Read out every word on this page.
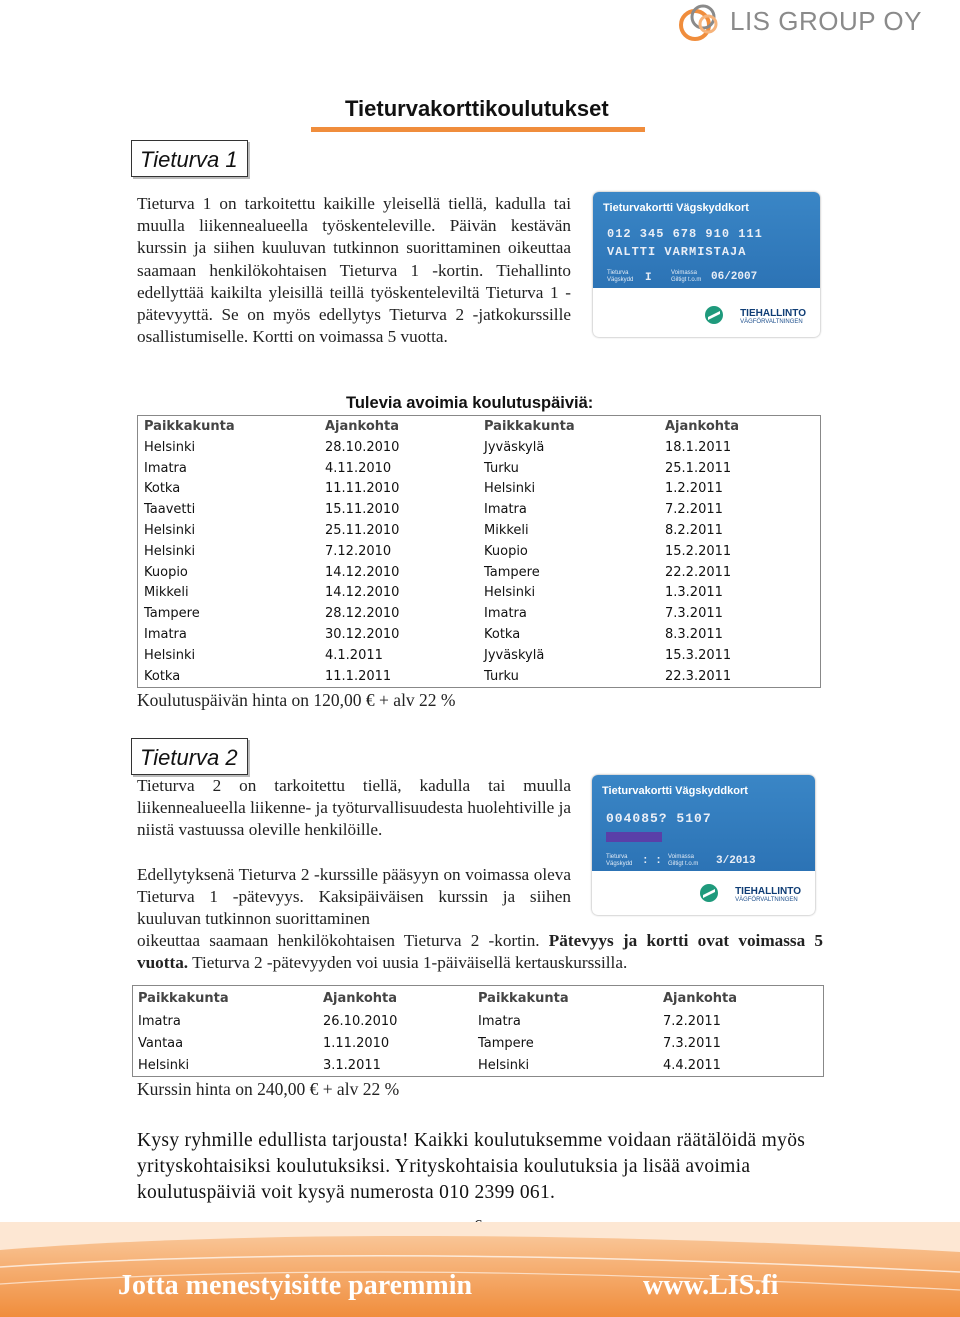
LIS GROUP OY
Tieturvakorttikoulutukset
Tieturva 1
Tieturva 1 on tarkoitettu kaikille yleisellä tiellä, kadulla tai muulla liikennealueella työskenteleville. Päivän kestävän kurssin ja siihen kuuluvan tutkinnon suorittaminen oikeuttaa saamaan henkilökohtaisen Tieturva 1 -kortin. Tiehallinto edellyttää kaikilta yleisillä teillä työskenteleviltä Tieturva 1 -pätevyyttä. Se on myös edellytys Tieturva 2 -jatkokurssille osallistumiselle. Kortti on voimassa 5 vuotta.
Tieturvakortti Vägskyddkort
012 345 678 910 111
VALTTI VARMISTAJA
Tieturva
Vägskydd I	Voimassa
Giltigt t.o.m 06/2007
TIEHALLINTO
VÄGFÖRVALTNINGEN
Tulevia avoimia koulutuspäiviä:
Paikkakunta	Ajankohta	Paikkakunta	Ajankohta
Helsinki	28.10.2010	Jyväskylä	18.1.2011
Imatra	4.11.2010	Turku	25.1.2011
Kotka	11.11.2010	Helsinki	1.2.2011
Taavetti	15.11.2010	Imatra	7.2.2011
Helsinki	25.11.2010	Mikkeli	8.2.2011
Helsinki	7.12.2010	Kuopio	15.2.2011
Kuopio	14.12.2010	Tampere	22.2.2011
Mikkeli	14.12.2010	Helsinki	1.3.2011
Tampere	28.12.2010	Imatra	7.3.2011
Imatra	30.12.2010	Kotka	8.3.2011
Helsinki	4.1.2011	Jyväskylä	15.3.2011
Kotka	11.1.2011	Turku	22.3.2011
Koulutuspäivän hinta on 120,00 € + alv 22 %
Tieturva 2
Tieturva 2 on tarkoitettu tiellä, kadulla tai muulla liikennealueella liikenne- ja työturvallisuudesta huolehtiville ja niistä vastuussa oleville henkilöille.
Edellytyksenä Tieturva 2 -kurssille pääsyyn on voimassa oleva Tieturva 1 -pätevyys. Kaksipäiväisen kurssin ja siihen kuuluvan tutkinnon suorittaminen
oikeuttaa saamaan henkilökohtaisen Tieturva 2 -kortin. Pätevyys ja kortti ovat voimassa 5 vuotta. Tieturva 2 -pätevyyden voi uusia 1-päiväisellä kertauskurssilla.
Tieturvakortti Vägskyddkort
004085? 5107
Tieturva
Vägskydd : : Voimassa
Giltigt t.o.m 3/2013
TIEHALLINTO
VÄGFÖRVALTNINGEN
Paikkakunta	Ajankohta	Paikkakunta	Ajankohta
Imatra	26.10.2010	Imatra	7.2.2011
Vantaa	1.11.2010	Tampere	7.3.2011
Helsinki	3.1.2011	Helsinki	4.4.2011
Kurssin hinta on 240,00 € + alv 22 %
Kysy ryhmille edullista tarjousta! Kaikki koulutuksemme voidaan räätälöidä myös yrityskohtaisiksi koulutuksiksi. Yrityskohtaisia koulutuksia ja lisää avoimia koulutuspäiviä voit kysyä numerosta 010 2399 061.
Jotta menestyisitte paremmin	www.LIS.fi
